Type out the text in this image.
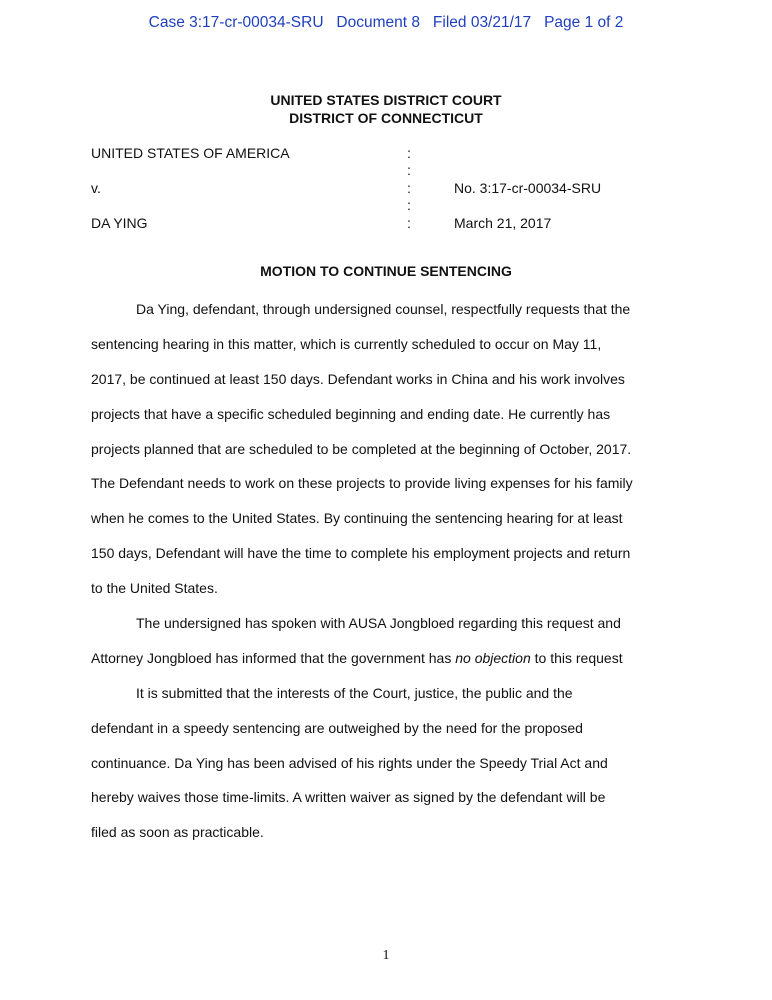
Case 3:17-cr-00034-SRU   Document 8   Filed 03/21/17   Page 1 of 2
UNITED STATES DISTRICT COURT
DISTRICT OF CONNECTICUT
UNITED STATES OF AMERICA	:
:
v.	:	No. 3:17-cr-00034-SRU
:
DA YING	:	March 21, 2017
MOTION TO CONTINUE SENTENCING
Da Ying, defendant, through undersigned counsel, respectfully requests that the
sentencing hearing in this matter, which is currently scheduled to occur on May 11,
2017, be continued at least 150 days. Defendant works in China and his work involves
projects that have a specific scheduled beginning and ending date. He currently has
projects planned that are scheduled to be completed at the beginning of October, 2017.
The Defendant needs to work on these projects to provide living expenses for his family
when he comes to the United States. By continuing the sentencing hearing for at least
150 days, Defendant will have the time to complete his employment projects and return
to the United States.
The undersigned has spoken with AUSA Jongbloed regarding this request and
Attorney Jongbloed has informed that the government has no objection to this request
It is submitted that the interests of the Court, justice, the public and the
defendant in a speedy sentencing are outweighed by the need for the proposed
continuance. Da Ying has been advised of his rights under the Speedy Trial Act and
hereby waives those time-limits. A written waiver as signed by the defendant will be
filed as soon as practicable.
1
